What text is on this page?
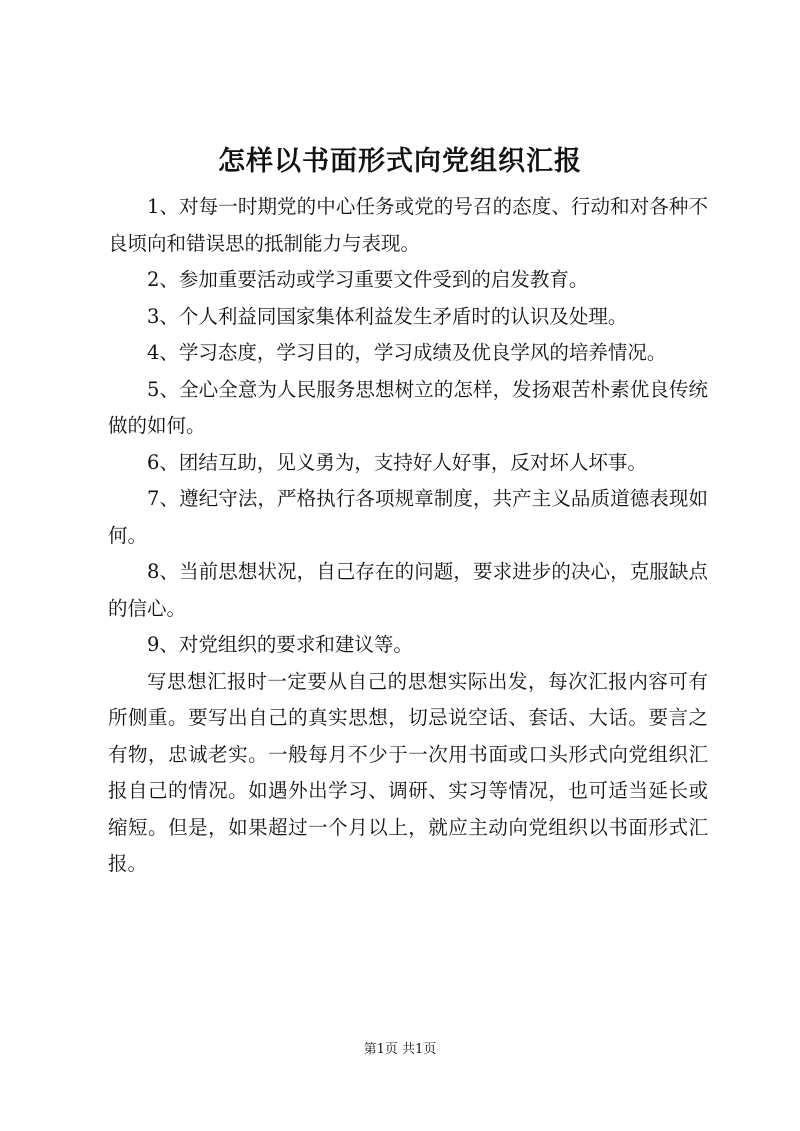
怎样以书面形式向党组织汇报

1、对每一时期党的中心任务或党的号召的态度、行动和对各种不良顷向和错误思的抵制能力与表现。

2、参加重要活动或学习重要文件受到的启发教育。

3、个人利益同国家集体利益发生矛盾时的认识及处理。

4、学习态度，学习目的，学习成绩及优良学风的培养情况。

5、全心全意为人民服务思想树立的怎样，发扬艰苦朴素优良传统做的如何。

6、团结互助，见义勇为，支持好人好事，反对坏人坏事。

7、遵纪守法，严格执行各项规章制度，共产主义品质道德表现如何。

8、当前思想状况，自己存在的问题，要求进步的决心，克服缺点的信心。

9、对党组织的要求和建议等。

写思想汇报时一定要从自己的思想实际出发，每次汇报内容可有所侧重。要写出自己的真实思想，切忌说空话、套话、大话。要言之有物，忠诚老实。一般每月不少于一次用书面或口头形式向党组织汇报自己的情况。如遇外出学习、调研、实习等情况，也可适当延长或缩短。但是，如果超过一个月以上，就应主动向党组织以书面形式汇报。

第1页 共1页
